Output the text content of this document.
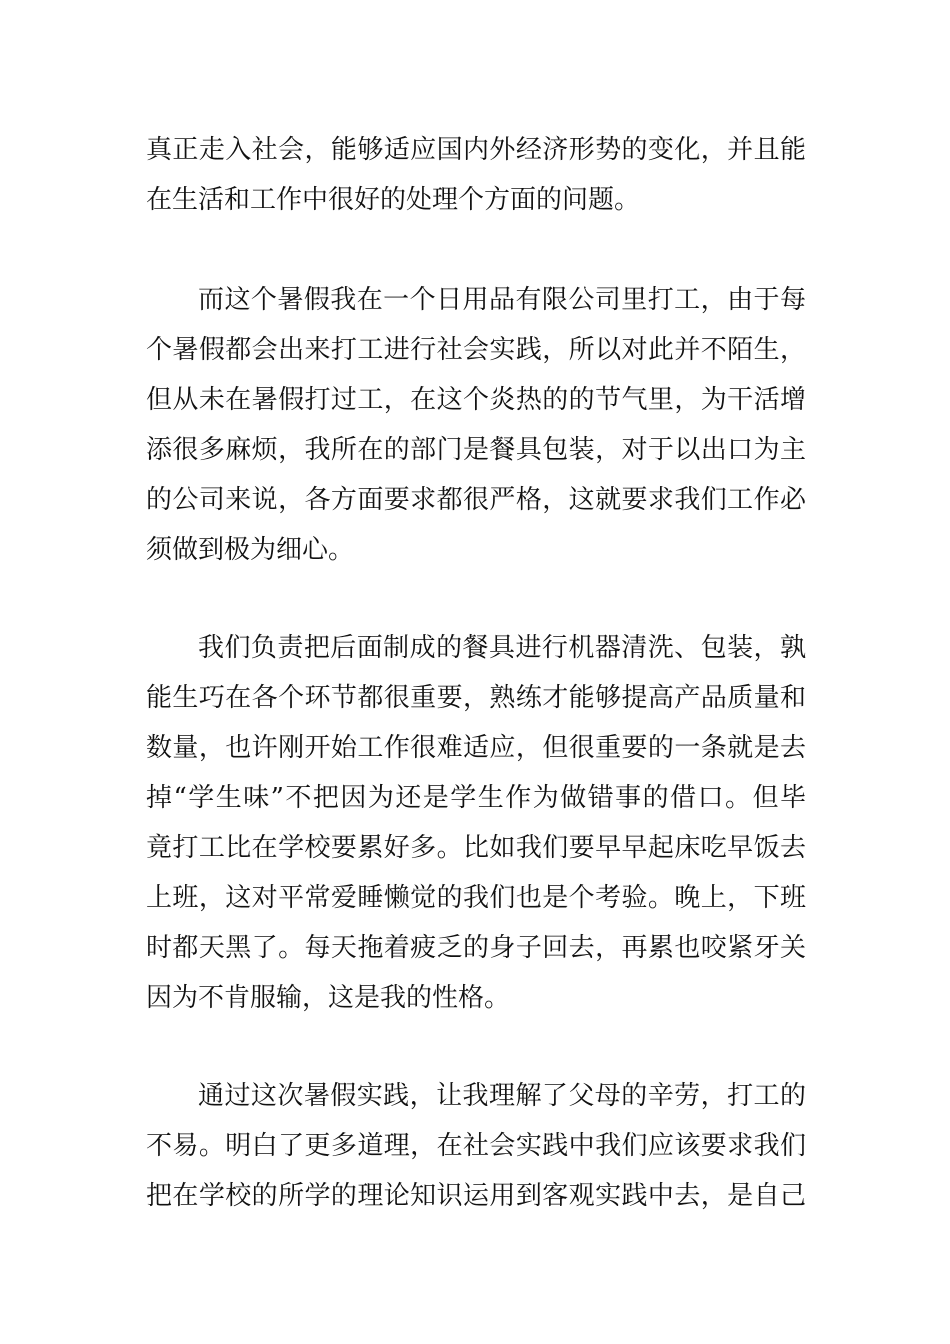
真正走入社会，能够适应国内外经济形势的变化，并且能
在生活和工作中很好的处理个方面的问题。
而这个暑假我在一个日用品有限公司里打工，由于每
个暑假都会出来打工进行社会实践，所以对此并不陌生，
但从未在暑假打过工，在这个炎热的的节气里，为干活增
添很多麻烦，我所在的部门是餐具包装，对于以出口为主
的公司来说，各方面要求都很严格，这就要求我们工作必
须做到极为细心。
我们负责把后面制成的餐具进行机器清洗、包装，孰
能生巧在各个环节都很重要，熟练才能够提高产品质量和
数量，也许刚开始工作很难适应，但很重要的一条就是去
掉“学生味”不把因为还是学生作为做错事的借口。但毕
竟打工比在学校要累好多。比如我们要早早起床吃早饭去
上班，这对平常爱睡懒觉的我们也是个考验。晚上，下班
时都天黑了。每天拖着疲乏的身子回去，再累也咬紧牙关
因为不肯服输，这是我的性格。
通过这次暑假实践，让我理解了父母的辛劳，打工的
不易。明白了更多道理，在社会实践中我们应该要求我们
把在学校的所学的理论知识运用到客观实践中去，是自己
